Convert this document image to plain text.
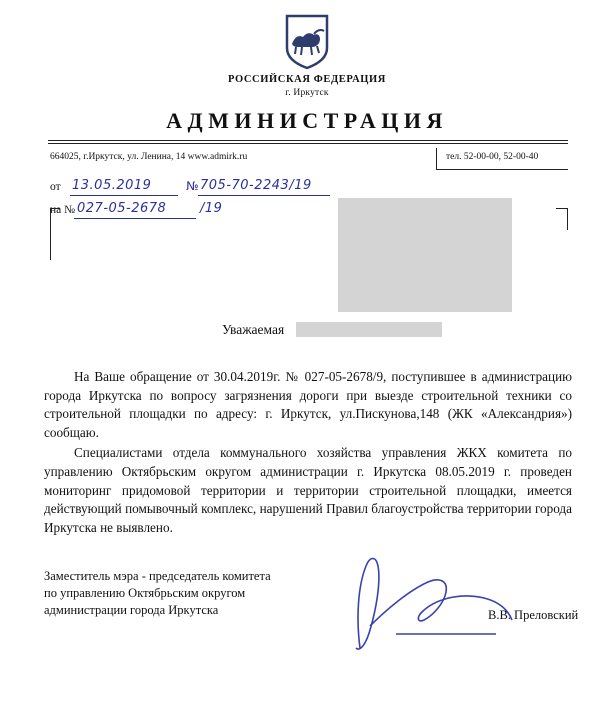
РОССИЙСКАЯ ФЕДЕРАЦИЯ
г. Иркутск
АДМИНИСТРАЦИЯ
664025, г.Иркутск, ул. Ленина, 14 www.admirk.ru	тел. 52-00-00, 52-00-40
от 13.05.2019	№ 705-70-2243/19
на № 027-05-2678	/19
Уважаемая

На Ваше обращение от 30.04.2019г. № 027-05-2678/9, поступившее в администрацию города Иркутска по вопросу загрязнения дороги при выезде строительной техники со строительной площадки по адресу: г. Иркутск, ул.Пискунова,148 (ЖК «Александрия») сообщаю.

Специалистами отдела коммунального хозяйства управления ЖКХ комитета по управлению Октябрьским округом администрации г. Иркутска 08.05.2019 г. проведен мониторинг придомовой территории и территории строительной площадки, имеется действующий помывочный комплекс, нарушений Правил благоустройства территории города Иркутска не выявлено.

Заместитель мэра - председатель комитета
по управлению Октябрьским округом
администрации города Иркутска	В.В. Преловский
